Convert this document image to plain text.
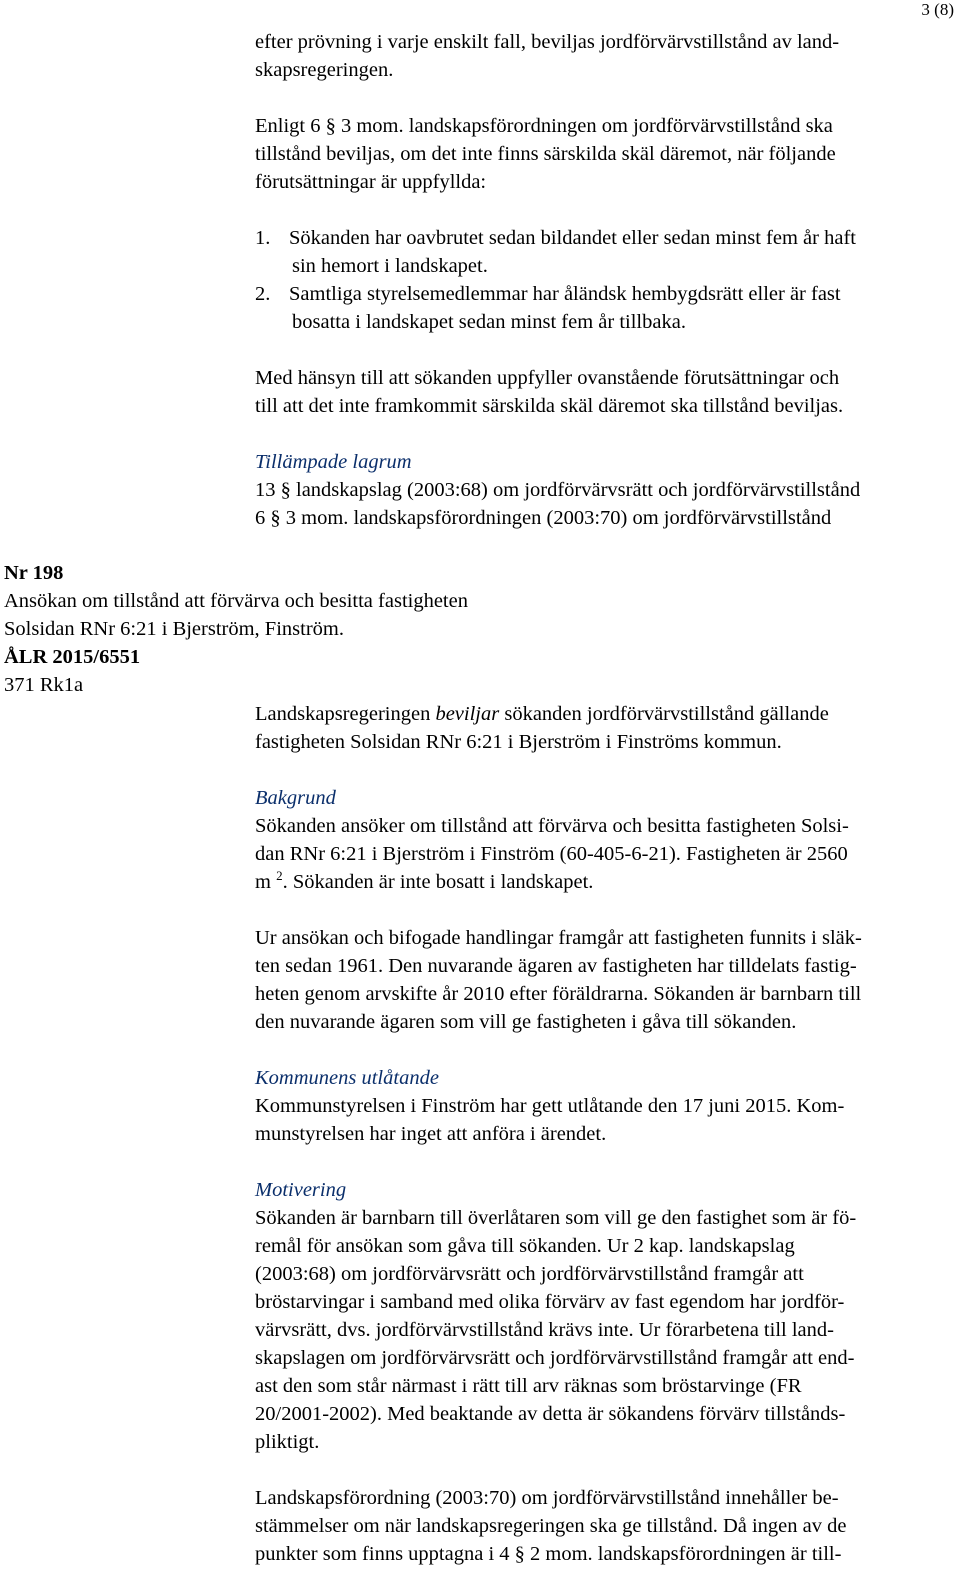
3 (8)
efter prövning i varje enskilt fall, beviljas jordförvärvstillstånd av land-
skapsregeringen.
Enligt 6 § 3 mom. landskapsförordningen om jordförvärvstillstånd ska
tillstånd beviljas, om det inte finns särskilda skäl däremot, när följande
förutsättningar är uppfyllda:
1. Sökanden har oavbrutet sedan bildandet eller sedan minst fem år haft
sin hemort i landskapet.
2. Samtliga styrelsemedlemmar har åländsk hembygdsrätt eller är fast
bosatta i landskapet sedan minst fem år tillbaka.
Med hänsyn till att sökanden uppfyller ovanstående förutsättningar och
till att det inte framkommit särskilda skäl däremot ska tillstånd beviljas.
Tillämpade lagrum
13 § landskapslag (2003:68) om jordförvärvsrätt och jordförvärvstillstånd
6 § 3 mom. landskapsförordningen (2003:70) om jordförvärvstillstånd
Nr 198
Ansökan om tillstånd att förvärva och besitta fastigheten
Solsidan RNr 6:21 i Bjerström, Finström.
ÅLR 2015/6551
371 Rk1a
Landskapsregeringen beviljar sökanden jordförvärvstillstånd gällande
fastigheten Solsidan RNr 6:21 i Bjerström i Finströms kommun.
Bakgrund
Sökanden ansöker om tillstånd att förvärva och besitta fastigheten Solsi-
dan RNr 6:21 i Bjerström i Finström (60-405-6-21). Fastigheten är 2560
m $^2$. Sökanden är inte bosatt i landskapet.
Ur ansökan och bifogade handlingar framgår att fastigheten funnits i släk-
ten sedan 1961. Den nuvarande ägaren av fastigheten har tilldelats fastig-
heten genom arvskifte år 2010 efter föräldrarna. Sökanden är barnbarn till
den nuvarande ägaren som vill ge fastigheten i gåva till sökanden.
Kommunens utlåtande
Kommunstyrelsen i Finström har gett utlåtande den 17 juni 2015. Kom-
munstyrelsen har inget att anföra i ärendet.
Motivering
Sökanden är barnbarn till överlåtaren som vill ge den fastighet som är fö-
remål för ansökan som gåva till sökanden. Ur 2 kap. landskapslag
(2003:68) om jordförvärvsrätt och jordförvärvstillstånd framgår att
bröstarvingar i samband med olika förvärv av fast egendom har jordför-
värvsrätt, dvs. jordförvärvstillstånd krävs inte. Ur förarbetena till land-
skapslagen om jordförvärvsrätt och jordförvärvstillstånd framgår att end-
ast den som står närmast i rätt till arv räknas som bröstarvinge (FR
20/2001-2002). Med beaktande av detta är sökandens förvärv tillstånds-
pliktigt.
Landskapsförordning (2003:70) om jordförvärvstillstånd innehåller be-
stämmelser om när landskapsregeringen ska ge tillstånd. Då ingen av de
punkter som finns upptagna i 4 § 2 mom. landskapsförordningen är till-
